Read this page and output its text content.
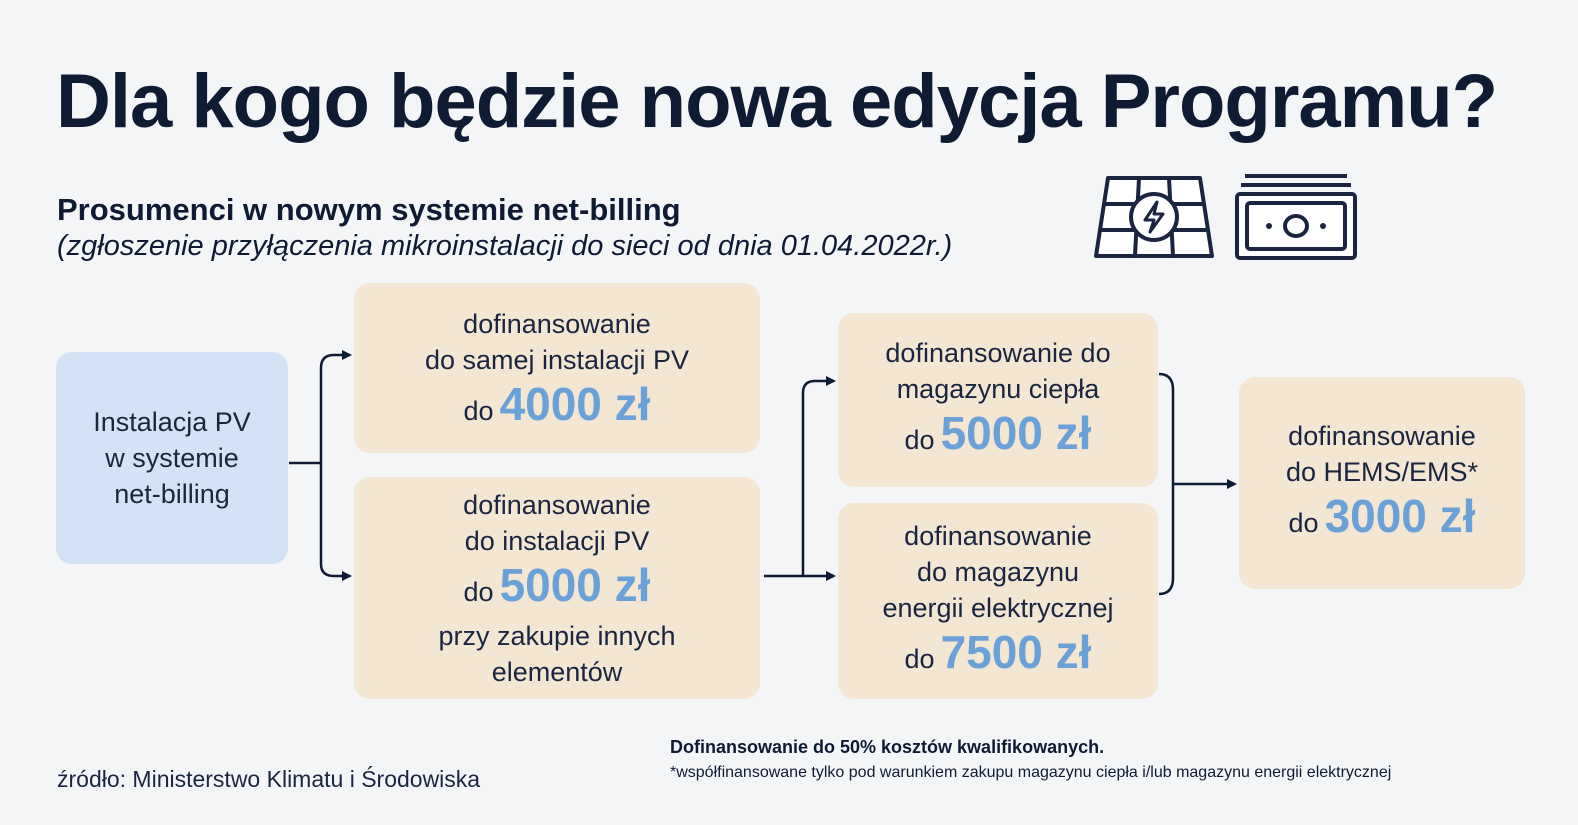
Dla kogo będzie nowa edycja Programu?
Prosumenci w nowym systemie net-billing
(zgłoszenie przyłączenia mikroinstalacji do sieci od dnia 01.04.2022r.)
Instalacja PV
w systemie
net-billing
dofinansowanie
do samej instalacji PV
do 4000 zł
dofinansowanie
do instalacji PV
do 5000 zł
przy zakupie innych
elementów
dofinansowanie do
magazynu ciepła
do 5000 zł
dofinansowanie
do magazynu
energii elektrycznej
do 7500 zł
dofinansowanie
do HEMS/EMS*
do 3000 zł
Dofinansowanie do 50% kosztów kwalifikowanych.
*współfinansowane tylko pod warunkiem zakupu magazynu ciepła i/lub magazynu energii elektrycznej
źródło: Ministerstwo Klimatu i Środowiska
